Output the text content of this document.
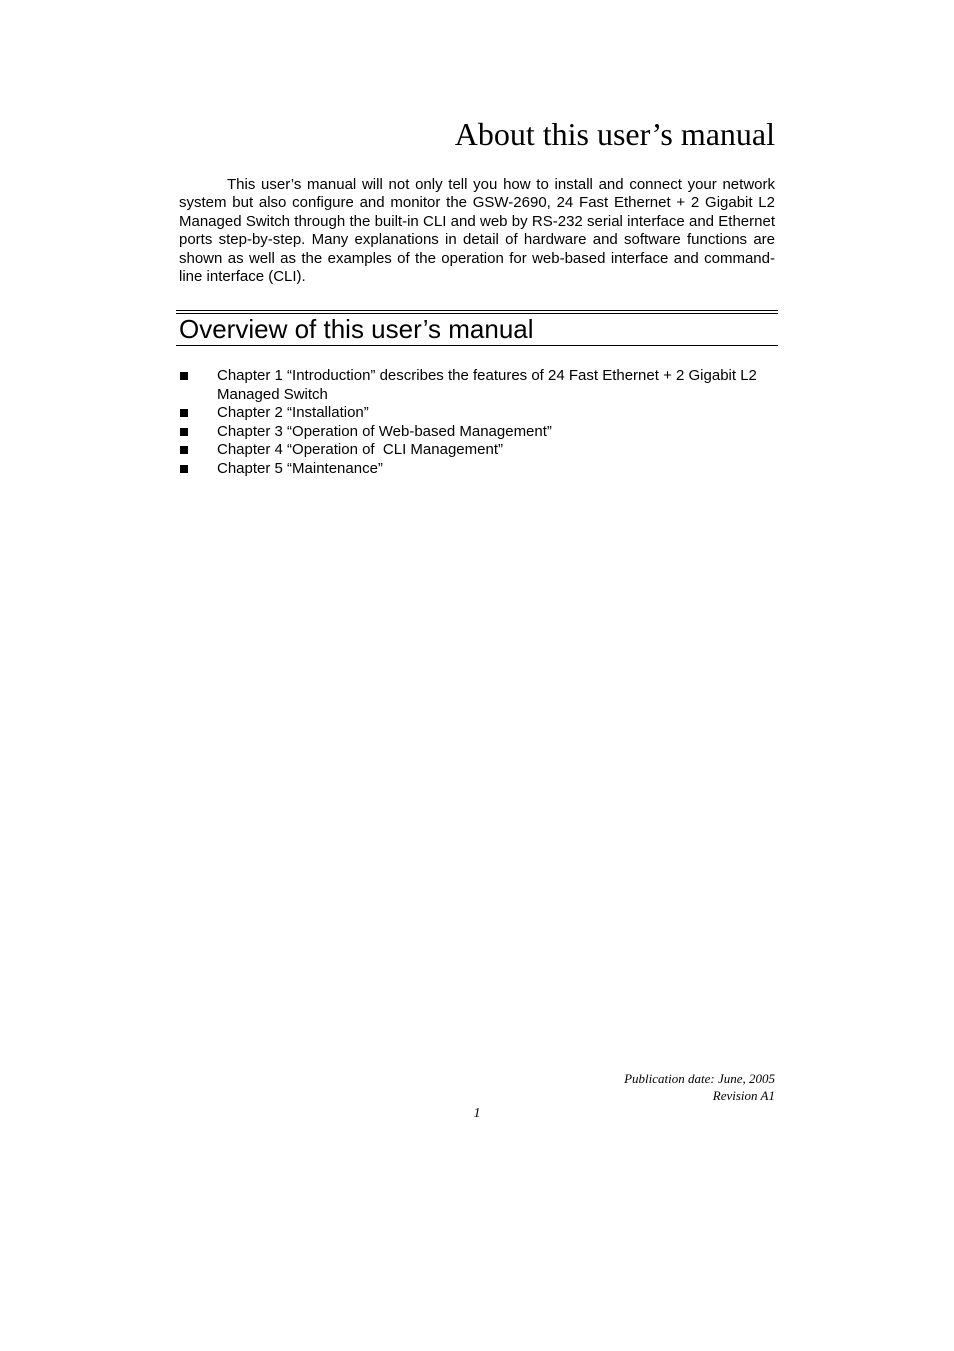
About this user’s manual

This user’s manual will not only tell you how to install and connect your network system but also configure and monitor the GSW-2690, 24 Fast Ethernet + 2 Gigabit L2 Managed Switch through the built-in CLI and web by RS-232 serial interface and Ethernet ports step-by-step. Many explanations in detail of hardware and software functions are shown as well as the examples of the operation for web-based interface and command-line interface (CLI).

Overview of this user’s manual
Chapter 1 “Introduction” describes the features of 24 Fast Ethernet + 2 Gigabit L2 Managed Switch
Chapter 2 “Installation”
Chapter 3 “Operation of Web-based Management”
Chapter 4 “Operation of  CLI Management”
Chapter 5 “Maintenance”
Publication date: June, 2005
Revision A1
1
